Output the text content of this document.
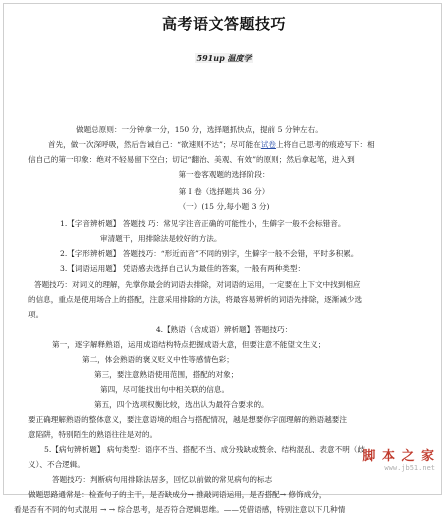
高考语文答题技巧
591up 温度学
做题总原则：一分钟拿一分，150 分，选择题抓快点，提前 5 分钟左右。
首先，做一次深呼吸，然后告诫自己：“欲速则不达”；尽可能在试卷上将自己思考的痕迹写下：相
信自己的第一印象：绝对不轻易留下空白；切记“翻治、美观、有效”的原则；然后拿起笔，进入到
第一卷客观题的选择阶段：
第 I 卷（选择题共 36 分）
（一）(15 分,每小题 3 分)
1.【字音辨析题】 答题技 巧：常见字注音正确的可能性小，生僻字一般不会标错音。
审清题干，用排除法是较好的方法。
2.【字形辨析题】 答题技巧：“形近而音”不同的别字，生僻字一般不会错，平时多积累。
3.【词语运用题】 凭语感去选择自己认为最佳的答案，一般有两种类型：
答题技巧：对词义的理解，先掌你最会的词语去排除，对词语的运用，一定要在上下文中找到相应
的信息，重点是使用场合上的搭配，注意采用排除的方法，将最容易辨析的词语先排除，逐渐减少选
项。
4.【熟语（含成语）辨析题】答题技巧：
第一，逐字解释熟语，运用成语结构特点把握成语大意，但要注意不能望文生义；
第二，体会熟语的褒义贬义中性等感情色彩；
第三，要注意熟语使用范围，搭配的对象；
第四，尽可能找出句中相关联的信息。
第五，四个选项权衡比较，选出认为最符合要求的。
要正确理解熟语的整体意义，要注意语境的组合与搭配情况，越是想要你字面理解的熟语越要注
意陷阱，特别陌生的熟语往往是对的。
5.【病句辨析题】 病句类型：语序不当、搭配不当、成分残缺或赘余、结构混乱、表意不明（歧
义）、不合逻辑。
答题技巧：判断病句用排除法居多，回忆以前做的常见病句的标志
做题思路通常是：检查句子的主干，是否缺成分→ 推敲词语运用，是否搭配→ 修饰成分，
看是否有不同的句式混用 → → 综合思考，是否符合逻辑思维。——凭借语感，特别注意以下几种情
脚 本 之 家
www.jb51.net
